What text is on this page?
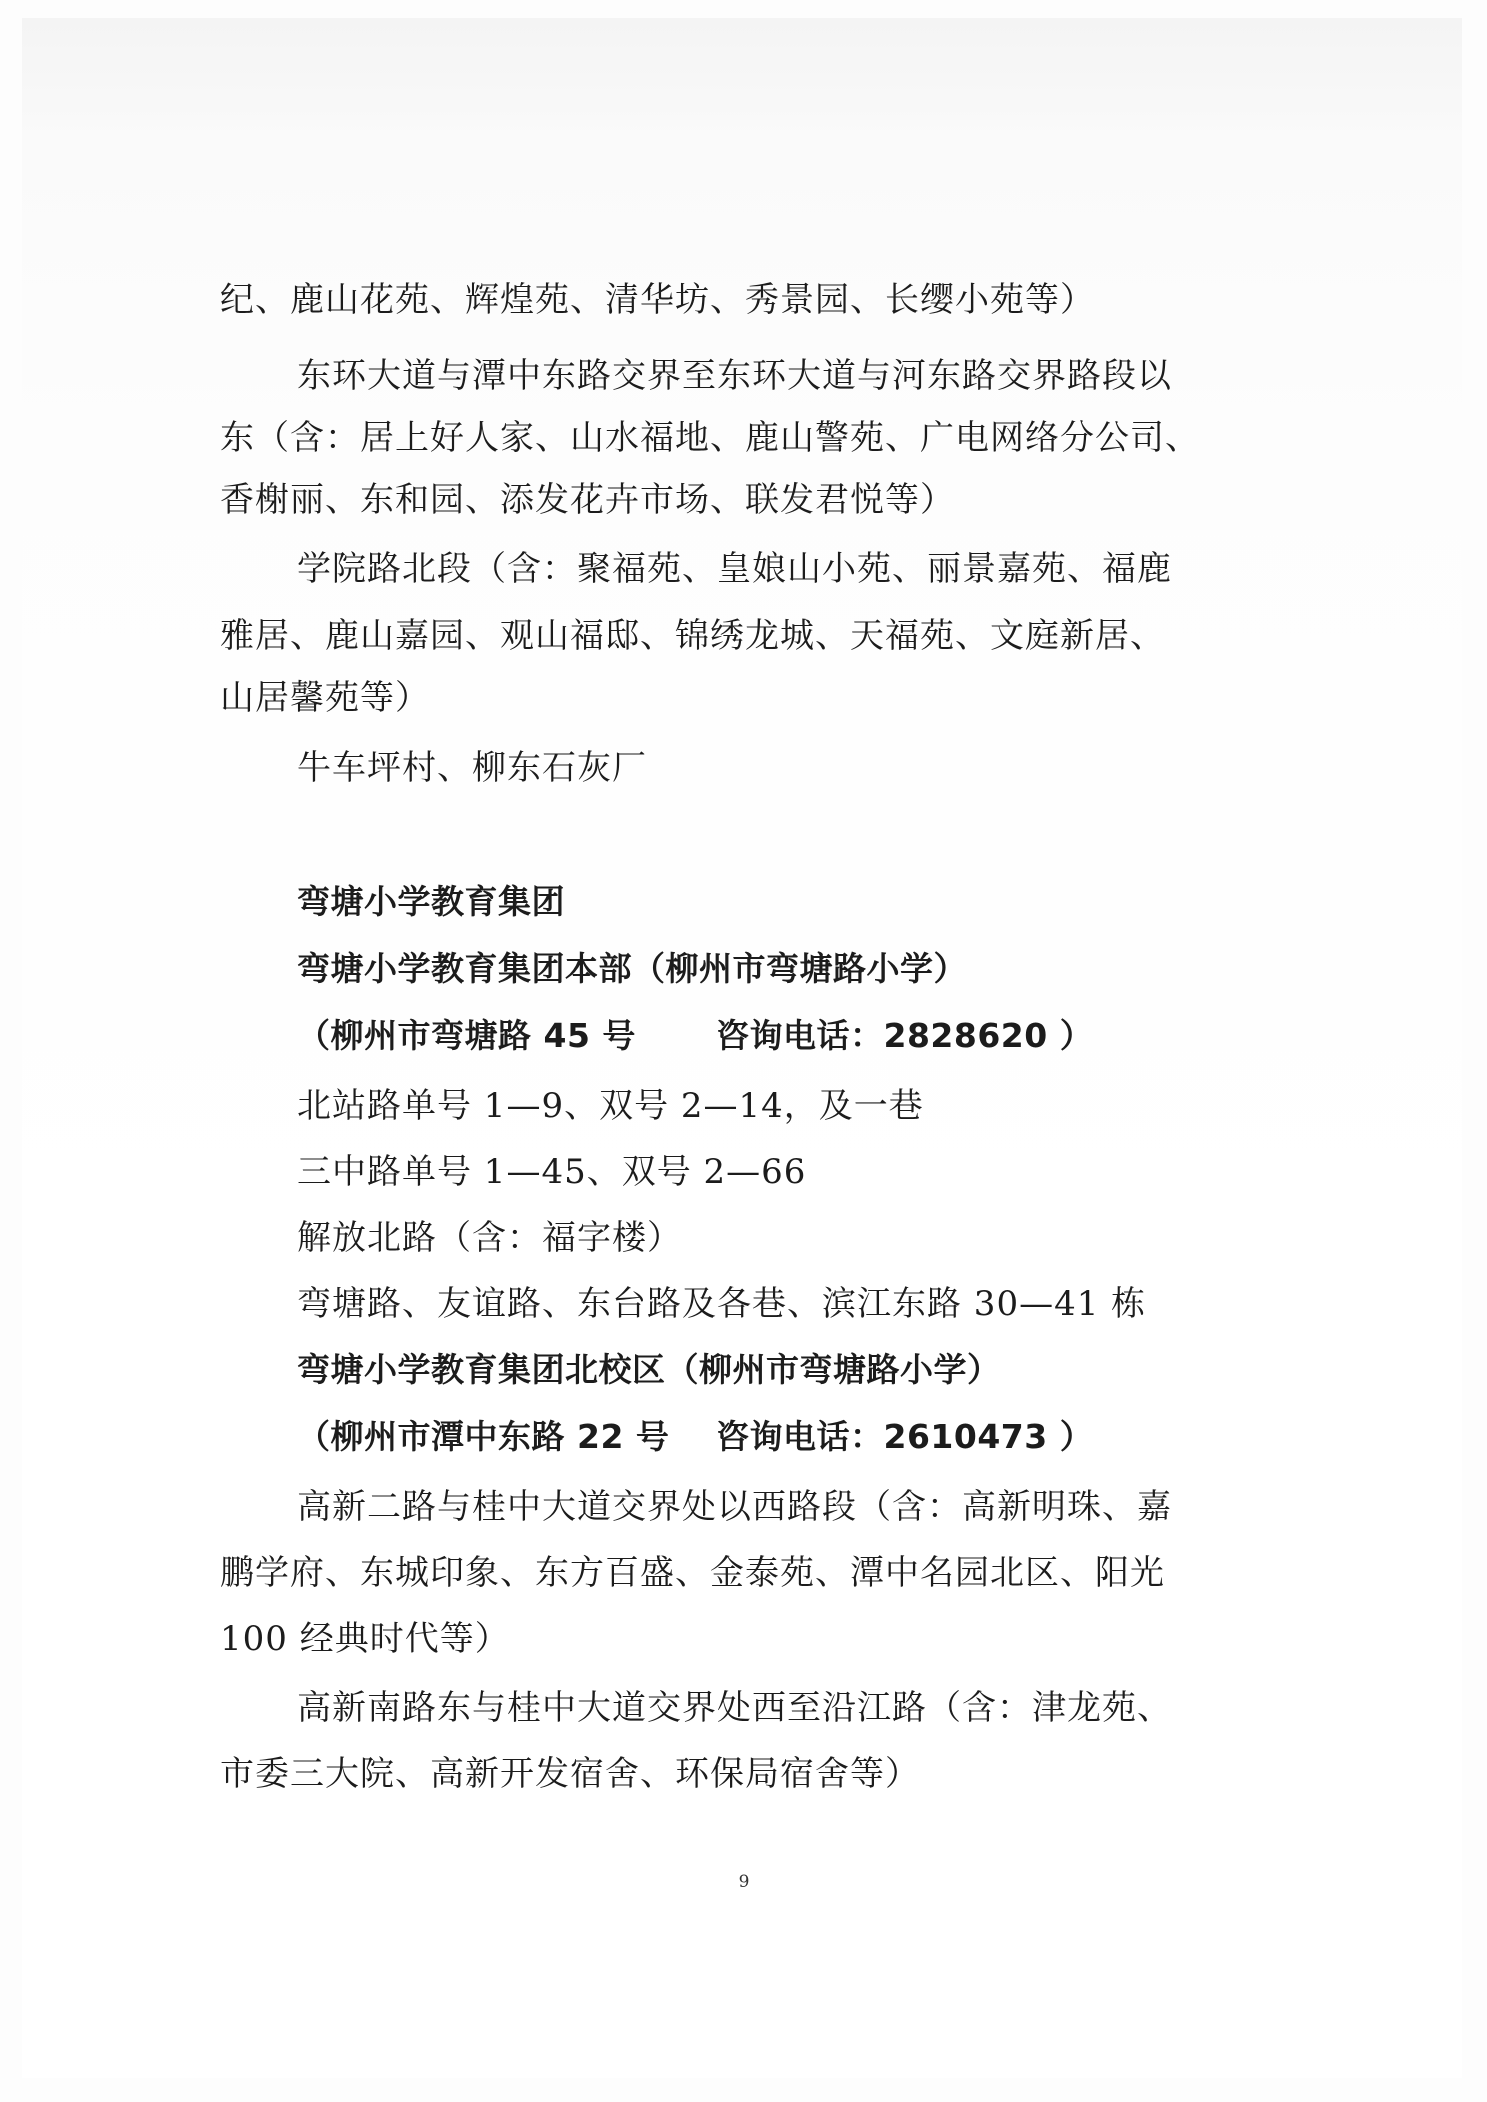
纪、鹿山花苑、辉煌苑、清华坊、秀景园、长缨小苑等）

东环大道与潭中东路交界至东环大道与河东路交界路段以

东（含：居上好人家、山水福地、鹿山警苑、广电网络分公司、

香榭丽、东和园、添发花卉市场、联发君悦等）

学院路北段（含：聚福苑、皇娘山小苑、丽景嘉苑、福鹿

雅居、鹿山嘉园、观山福邸、锦绣龙城、天福苑、文庭新居、

山居馨苑等）

牛车坪村、柳东石灰厂

弯塘小学教育集团

弯塘小学教育集团本部（柳州市弯塘路小学）

（柳州市弯塘路 45 号 咨询电话：2828620 ）

北站路单号 1—9、双号 2—14，及一巷

三中路单号 1—45、双号 2—66

解放北路（含：福字楼）

弯塘路、友谊路、东台路及各巷、滨江东路 30—41 栋

弯塘小学教育集团北校区（柳州市弯塘路小学）

（柳州市潭中东路 22 号 咨询电话：2610473 ）

高新二路与桂中大道交界处以西路段（含：高新明珠、嘉

鹏学府、东城印象、东方百盛、金泰苑、潭中名园北区、阳光

100 经典时代等）

高新南路东与桂中大道交界处西至沿江路（含：津龙苑、

市委三大院、高新开发宿舍、环保局宿舍等）

9
